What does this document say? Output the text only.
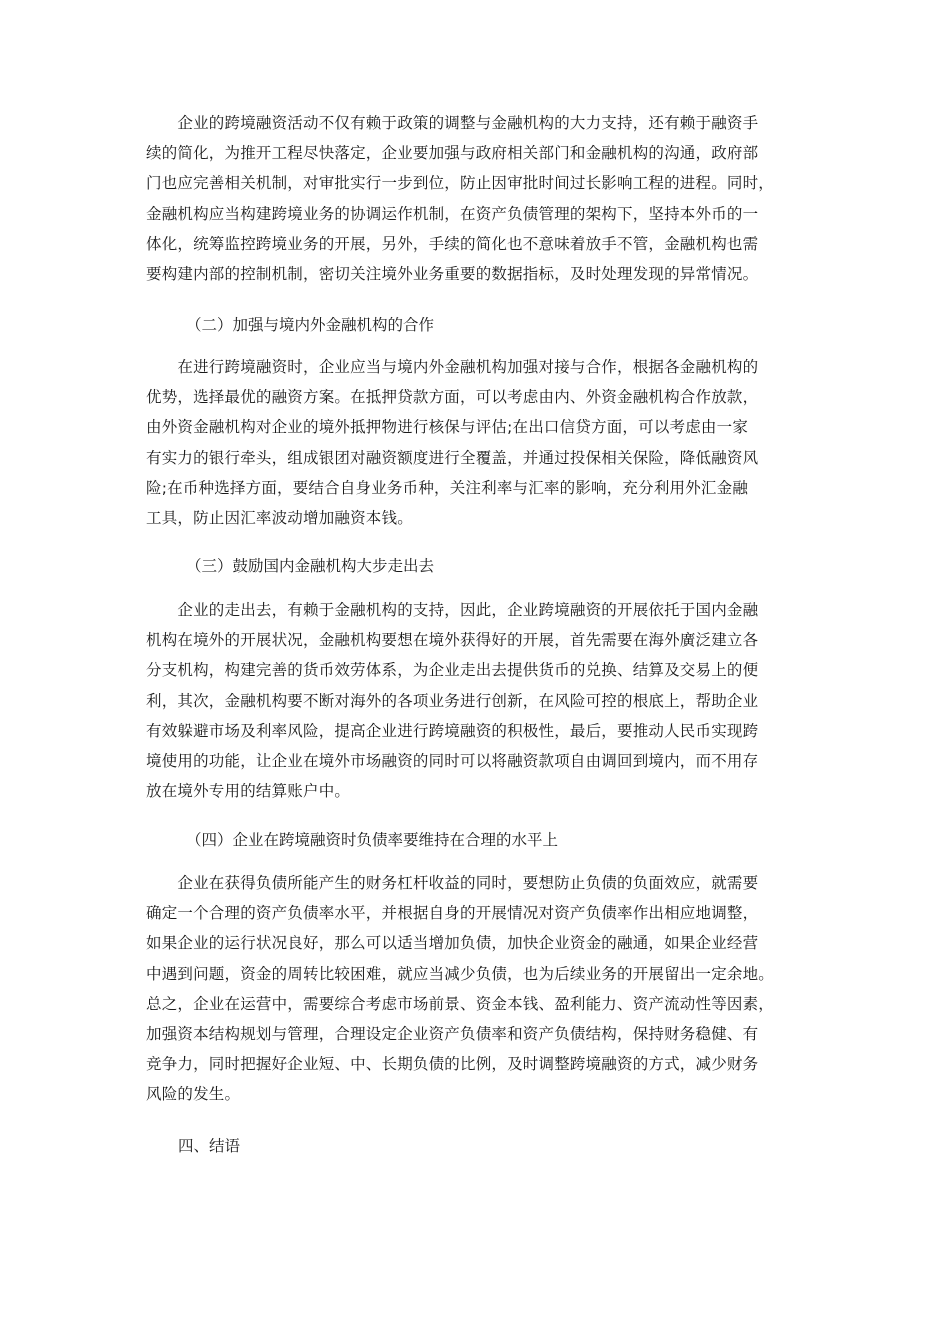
　　企业的跨境融资活动不仅有赖于政策的调整与金融机构的大力支持，还有赖于融资手
续的简化，为推开工程尽快落定，企业要加强与政府相关部门和金融机构的沟通，政府部
门也应完善相关机制，对审批实行一步到位，防止因审批时间过长影响工程的进程。同时，
金融机构应当构建跨境业务的协调运作机制，在资产负债管理的架构下，坚持本外币的一
体化，统筹监控跨境业务的开展，另外，手续的简化也不意味着放手不管，金融机构也需
要构建内部的控制机制，密切关注境外业务重要的数据指标，及时处理发现的异常情况。

（二）加强与境内外金融机构的合作

　　在进行跨境融资时，企业应当与境内外金融机构加强对接与合作，根据各金融机构的
优势，选择最优的融资方案。在抵押贷款方面，可以考虑由内、外资金融机构合作放款，
由外资金融机构对企业的境外抵押物进行核保与评估;在出口信贷方面，可以考虑由一家
有实力的银行牵头，组成银团对融资额度进行全覆盖，并通过投保相关保险，降低融资风
险;在币种选择方面，要结合自身业务币种，关注利率与汇率的影响，充分利用外汇金融
工具，防止因汇率波动增加融资本钱。

（三）鼓励国内金融机构大步走出去

　　企业的走出去，有赖于金融机构的支持，因此，企业跨境融资的开展依托于国内金融
机构在境外的开展状况，金融机构要想在境外获得好的开展，首先需要在海外廣泛建立各
分支机构，构建完善的货币效劳体系，为企业走出去提供货币的兑换、结算及交易上的便
利，其次，金融机构要不断对海外的各项业务进行创新，在风险可控的根底上，帮助企业
有效躲避市场及利率风险，提高企业进行跨境融资的积极性，最后，要推动人民币实现跨
境使用的功能，让企业在境外市场融资的同时可以将融资款项自由调回到境内，而不用存
放在境外专用的结算账户中。

（四）企业在跨境融资时负债率要维持在合理的水平上

　　企业在获得负债所能产生的财务杠杆收益的同时，要想防止负债的负面效应，就需要
确定一个合理的资产负债率水平，并根据自身的开展情况对资产负债率作出相应地调整，
如果企业的运行状况良好，那么可以适当增加负债，加快企业资金的融通，如果企业经营
中遇到问题，资金的周转比较困难，就应当减少负债，也为后续业务的开展留出一定余地。
总之，企业在运营中，需要综合考虑市场前景、资金本钱、盈利能力、资产流动性等因素，
加强资本结构规划与管理，合理设定企业资产负债率和资产负债结构，保持财务稳健、有
竞争力，同时把握好企业短、中、长期负债的比例，及时调整跨境融资的方式，减少财务
风险的发生。

四、结语
